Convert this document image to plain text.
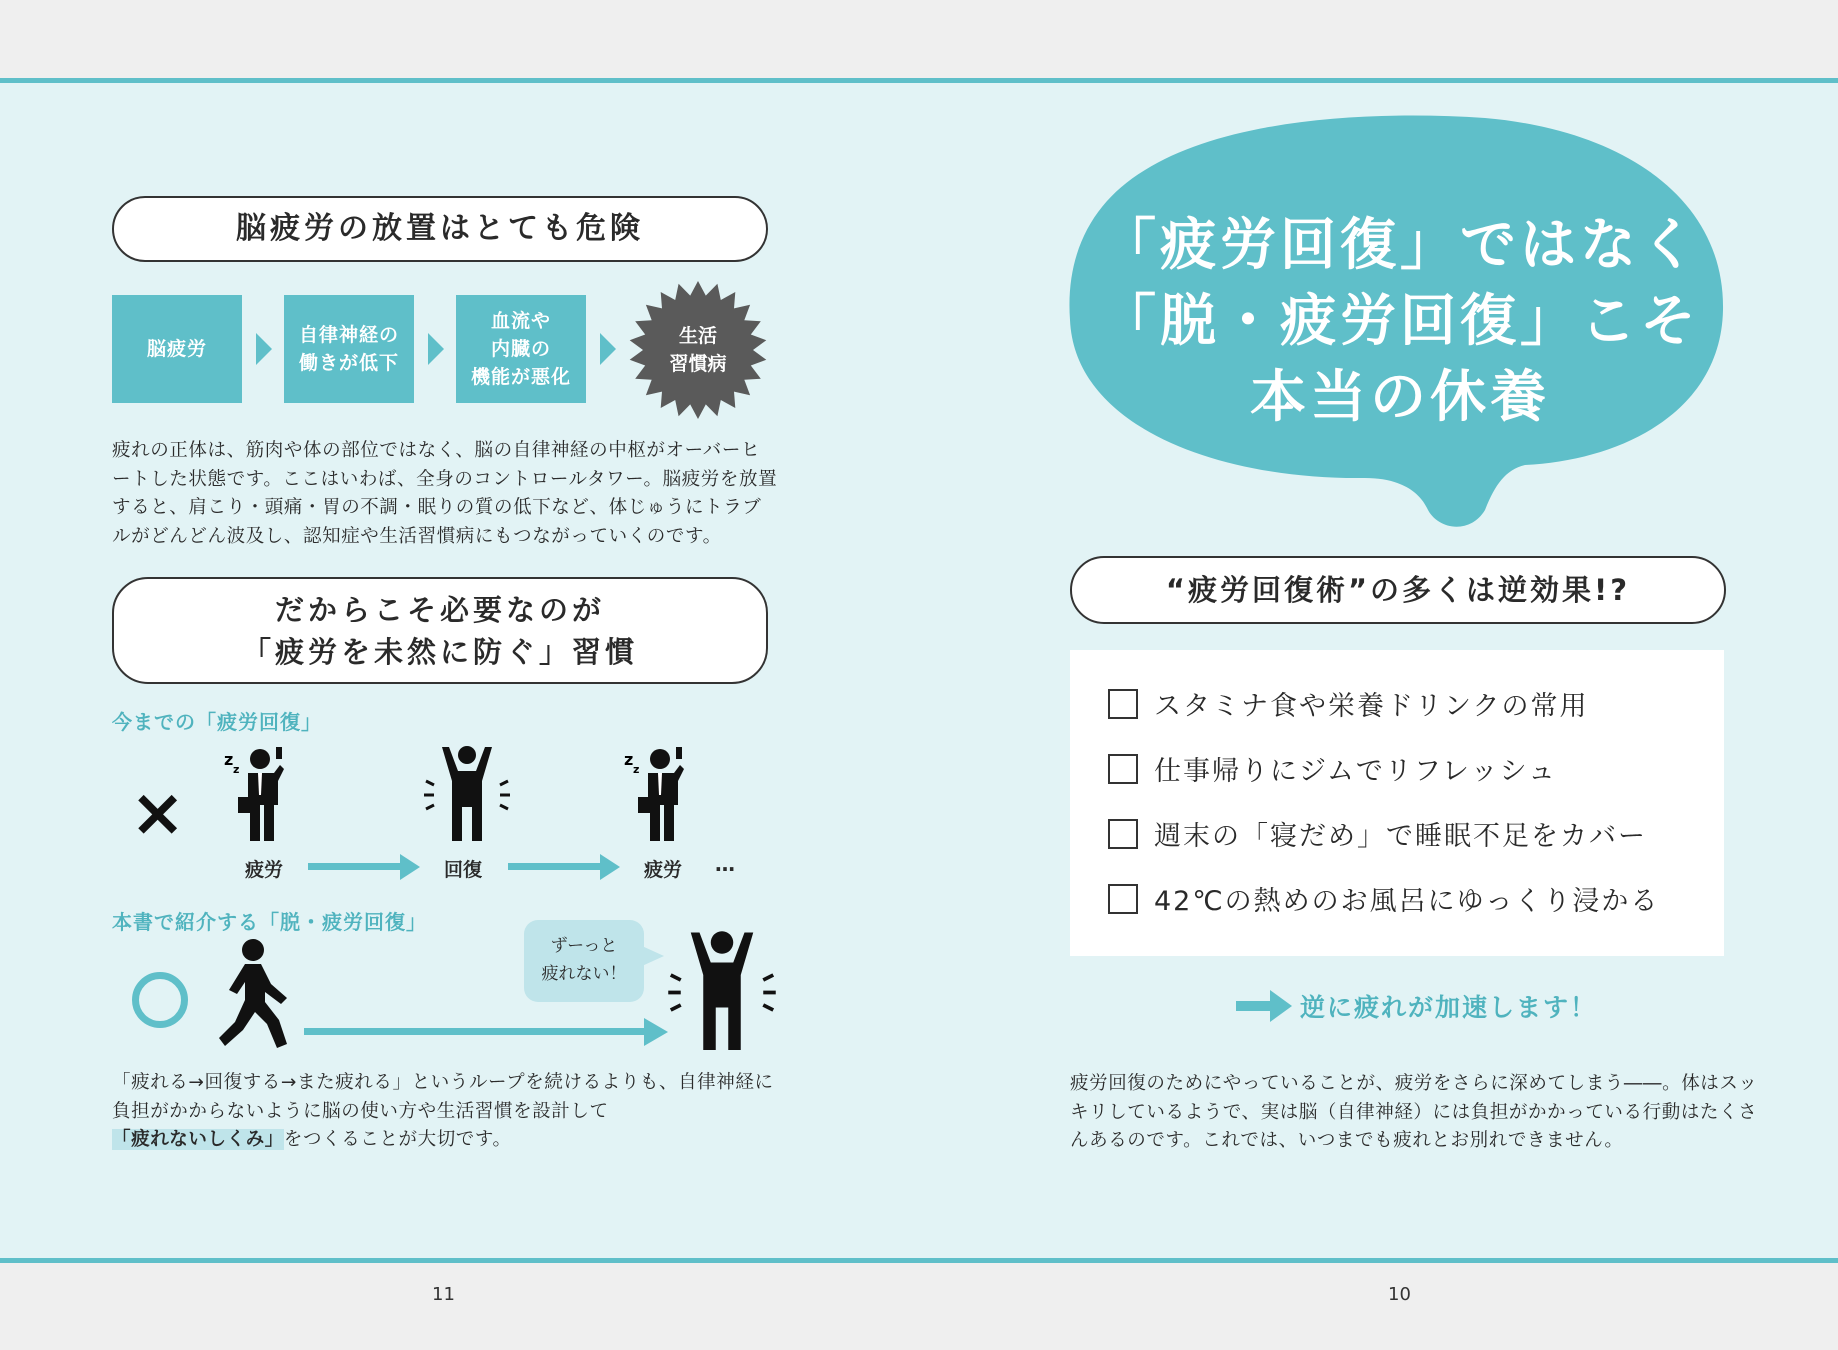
脳疲労の放置はとても危険
脳疲労
自律神経の
働きが低下
血流や
内臓の
機能が悪化
生活
習慣病
疲れの正体は、筋肉や体の部位ではなく、脳の自律神経の中枢がオーバーヒートした状態です。ここはいわば、全身のコントロールタワー。脳疲労を放置すると、肩こり・頭痛・胃の不調・眠りの質の低下など、体じゅうにトラブルがどんどん波及し、認知症や生活習慣病にもつながっていくのです。
だからこそ必要なのが
「疲労を未然に防ぐ」習慣
今までの「疲労回復」
×
z
z
z
z
疲労	回復	疲労 …
本書で紹介する「脱・疲労回復」
ずーっと
疲れない！
「疲れる→回復する→また疲れる」というループを続けるよりも、自律神経に負担がかからないように脳の使い方や生活習慣を設計して「疲れないしくみ」をつくることが大切です。
11
「疲労回復」ではなく
「脱・疲労回復」こそ
本当の休養
“疲労回復術”の多くは逆効果!?
スタミナ食や栄養ドリンクの常用
仕事帰りにジムでリフレッシュ
週末の「寝だめ」で睡眠不足をカバー
42℃の熱めのお風呂にゆっくり浸かる
逆に疲れが加速します！
疲労回復のためにやっていることが、疲労をさらに深めてしまう――。体はスッキリしているようで、実は脳（自律神経）には負担がかかっている行動はたくさんあるのです。これでは、いつまでも疲れとお別れできません。
10
